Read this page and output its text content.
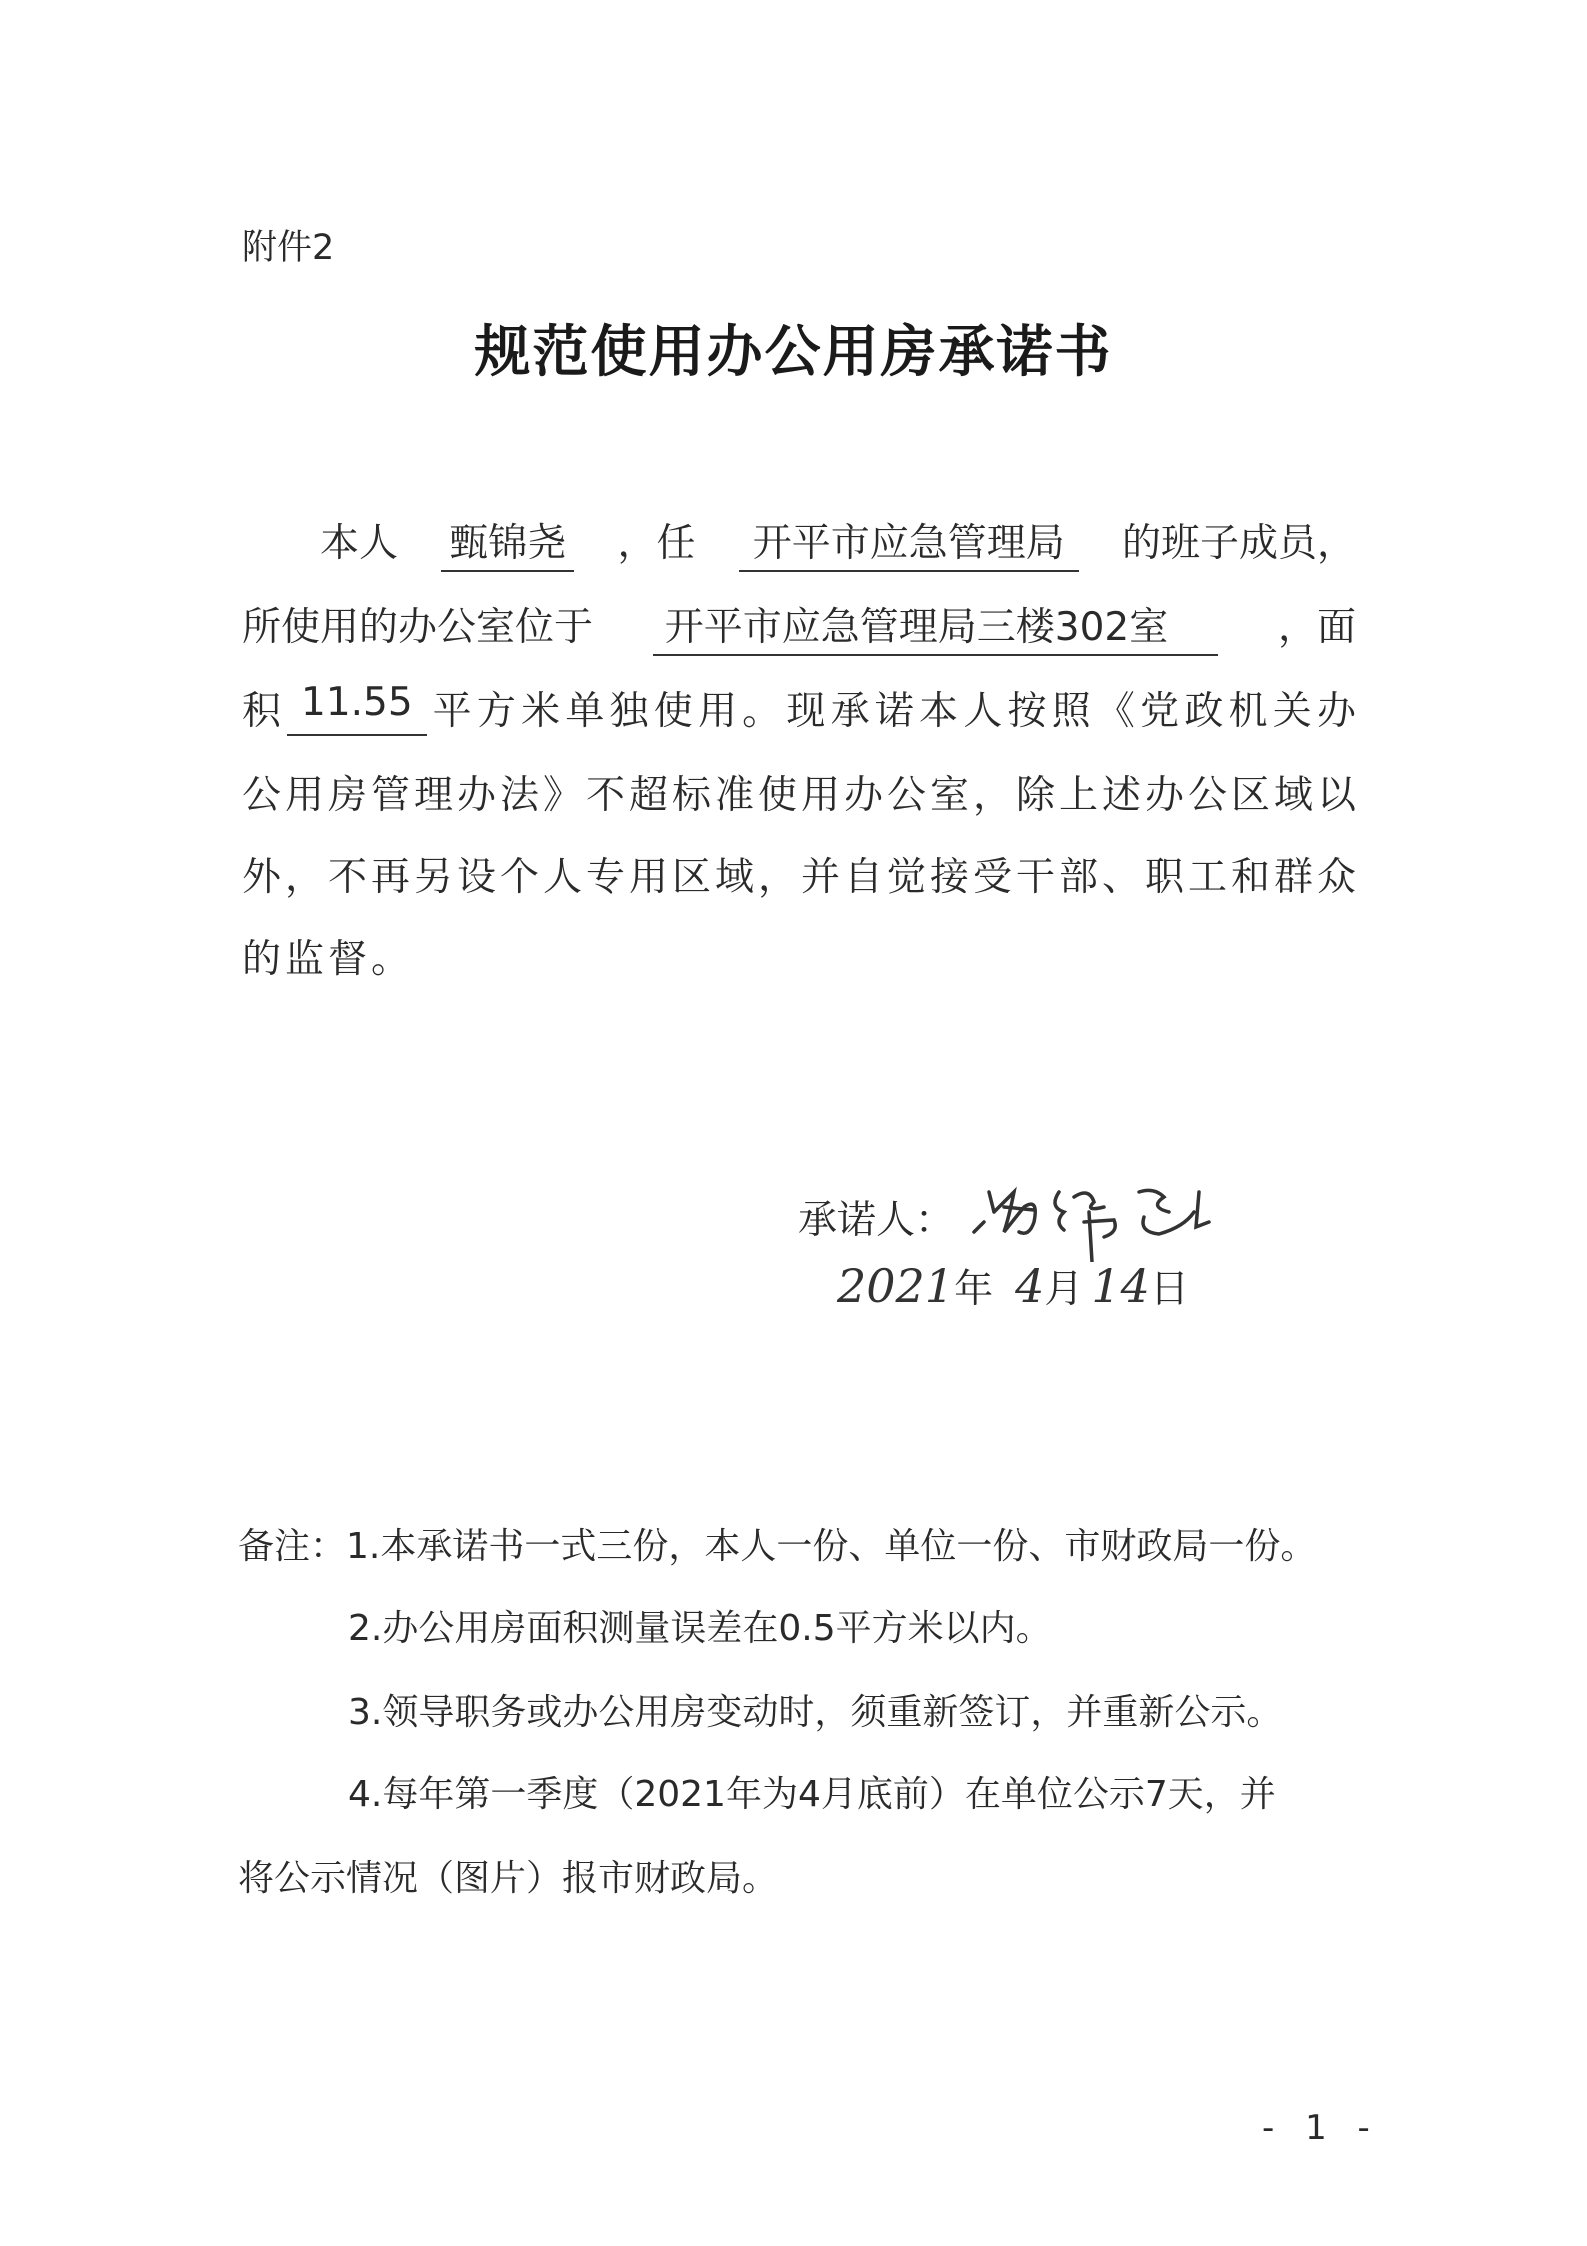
附件2
规范使用办公用房承诺书
本人 甄锦尧 ，任	开平市应急管理局	的班子成员，
所使用的办公室位于	开平市应急管理局三楼302室	，面
积 11.55 平方米单独使用。现承诺本人按照《党政机关办
公用房管理办法》不超标准使用办公室，除上述办公区域以
外，不再另设个人专用区域，并自觉接受干部、职工和群众
的监督。
承诺人：
2021 年 4 月 14 日
备注：1.本承诺书一式三份，本人一份、单位一份、市财政局一份。
2.办公用房面积测量误差在0.5平方米以内。
3.领导职务或办公用房变动时，须重新签订，并重新公示。
4.每年第一季度（2021年为4月底前）在单位公示7天，并
将公示情况（图片）报市财政局。
- 1 -
